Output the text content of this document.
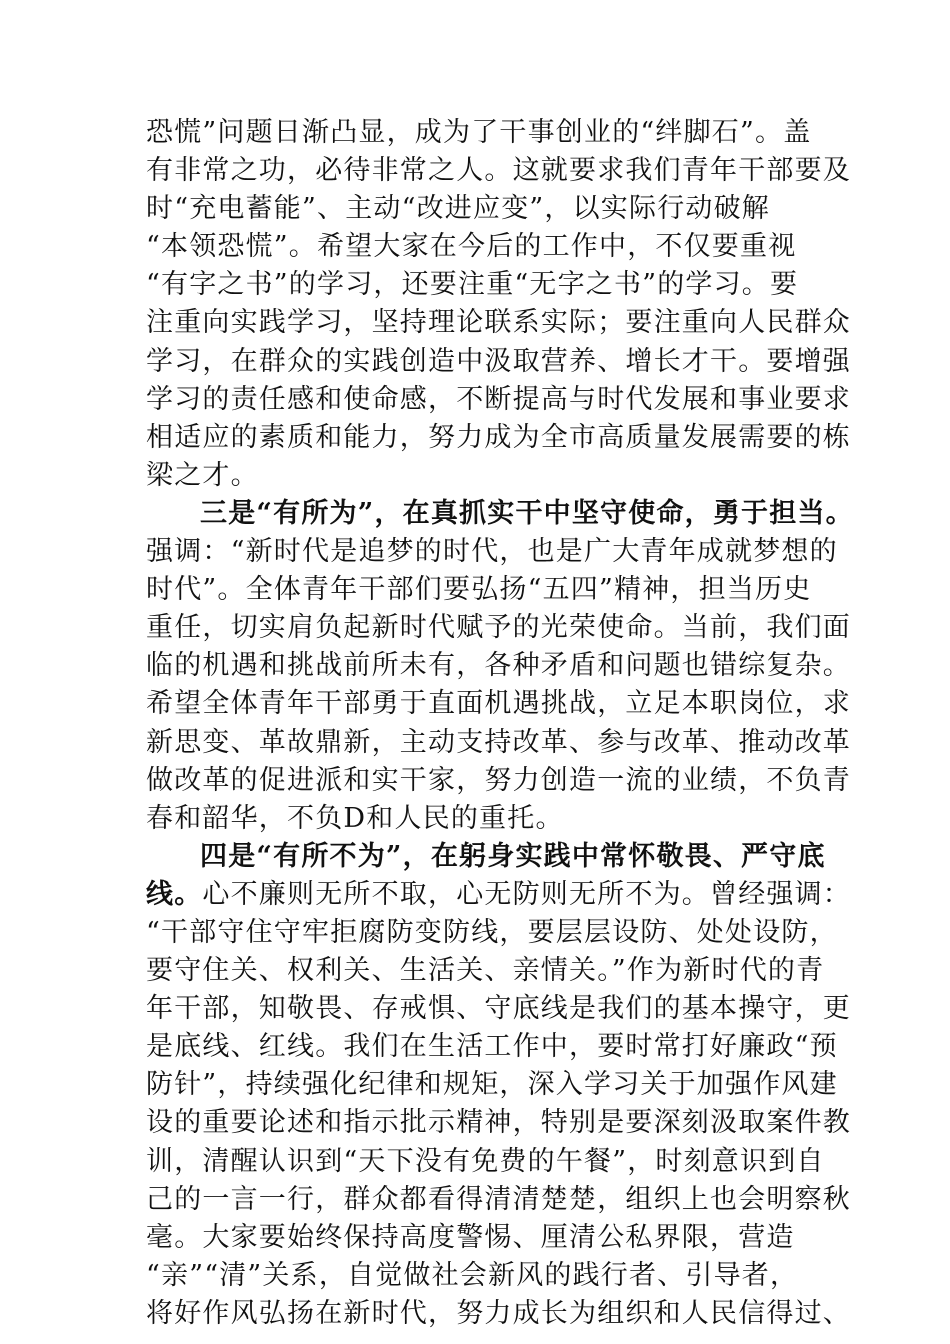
恐慌”问题日渐凸显，成为了干事创业的“绊脚石”。盖
有非常之功，必待非常之人。这就要求我们青年干部要及
时“充电蓄能”、主动“改进应变”，以实际行动破解
“本领恐慌”。希望大家在今后的工作中，不仅要重视
“有字之书”的学习，还要注重“无字之书”的学习。要
注重向实践学习，坚持理论联系实际；要注重向人民群众
学习，在群众的实践创造中汲取营养、增长才干。要增强
学习的责任感和使命感，不断提高与时代发展和事业要求
相适应的素质和能力，努力成为全市高质量发展需要的栋
梁之才。
三是“有所为”，在真抓实干中坚守使命，勇于担当。
强调：“新时代是追梦的时代，也是广大青年成就梦想的
时代”。全体青年干部们要弘扬“五四”精神，担当历史
重任，切实肩负起新时代赋予的光荣使命。当前，我们面
临的机遇和挑战前所未有，各种矛盾和问题也错综复杂。
希望全体青年干部勇于直面机遇挑战，立足本职岗位，求
新思变、革故鼎新，主动支持改革、参与改革、推动改革
做改革的促进派和实干家，努力创造一流的业绩，不负青
春和韶华，不负D和人民的重托。
四是“有所不为”，在躬身实践中常怀敬畏、严守底
线。心不廉则无所不取，心无防则无所不为。曾经强调：
“干部守住守牢拒腐防变防线，要层层设防、处处设防，
要守住关、权利关、生活关、亲情关。”作为新时代的青
年干部，知敬畏、存戒惧、守底线是我们的基本操守，更
是底线、红线。我们在生活工作中，要时常打好廉政“预
防针”，持续强化纪律和规矩，深入学习关于加强作风建
设的重要论述和指示批示精神，特别是要深刻汲取案件教
训，清醒认识到“天下没有免费的午餐”，时刻意识到自
己的一言一行，群众都看得清清楚楚，组织上也会明察秋
毫。大家要始终保持高度警惕、厘清公私界限，营造
“亲”“清”关系，自觉做社会新风的践行者、引导者，
将好作风弘扬在新时代，努力成长为组织和人民信得过、
